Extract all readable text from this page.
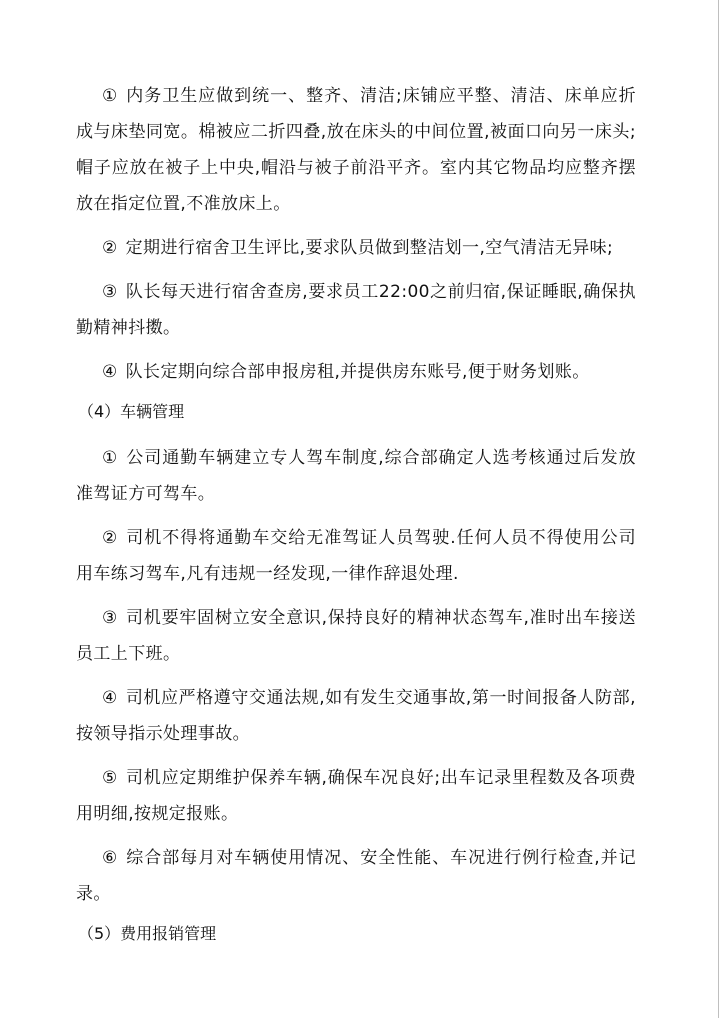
① 内务卫生应做到统一、整齐、清洁;床铺应平整、清洁、床单应折成与床垫同宽。棉被应二折四叠,放在床头的中间位置,被面口向另一床头;帽子应放在被子上中央,帽沿与被子前沿平齐。室内其它物品均应整齐摆放在指定位置,不准放床上。

② 定期进行宿舍卫生评比,要求队员做到整洁划一,空气清洁无异味;

③ 队长每天进行宿舍查房,要求员工22:00之前归宿,保证睡眠,确保执勤精神抖擞。

④ 队长定期向综合部申报房租,并提供房东账号,便于财务划账。

（4）车辆管理

① 公司通勤车辆建立专人驾车制度,综合部确定人选考核通过后发放准驾证方可驾车。

② 司机不得将通勤车交给无准驾证人员驾驶.任何人员不得使用公司用车练习驾车,凡有违规一经发现,一律作辞退处理.

③ 司机要牢固树立安全意识,保持良好的精神状态驾车,准时出车接送员工上下班。

④ 司机应严格遵守交通法规,如有发生交通事故,第一时间报备人防部,按领导指示处理事故。

⑤ 司机应定期维护保养车辆,确保车况良好;出车记录里程数及各项费用明细,按规定报账。

⑥ 综合部每月对车辆使用情况、安全性能、车况进行例行检查,并记录。

（5）费用报销管理
